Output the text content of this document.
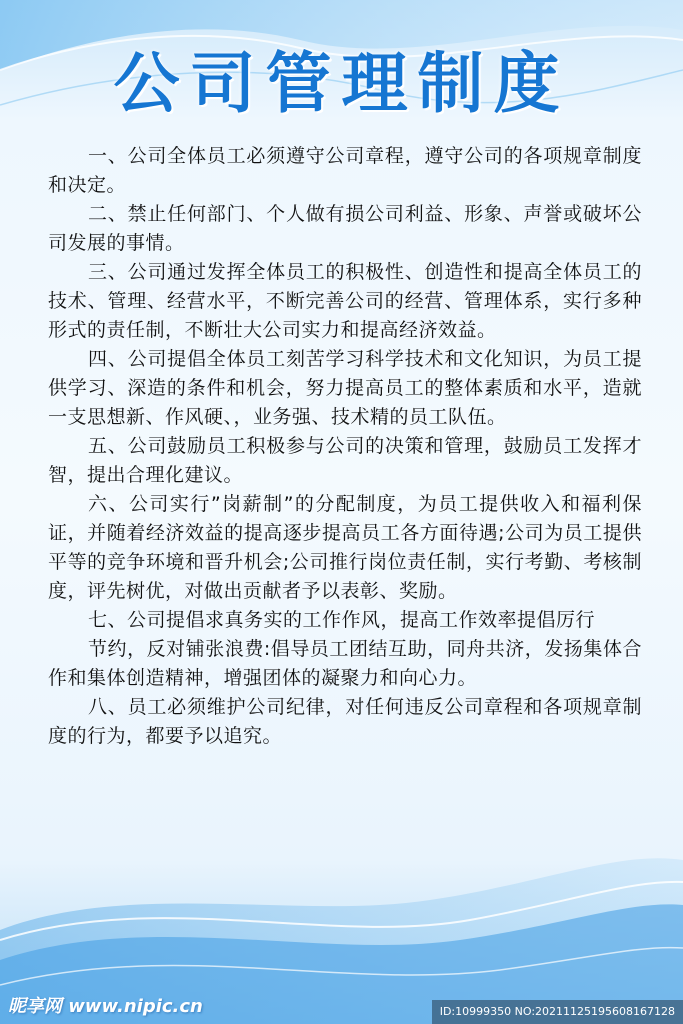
公司管理制度

一、公司全体员工必须遵守公司章程，遵守公司的各项规章制度和决定。

二、禁止任何部门、个人做有损公司利益、形象、声誉或破坏公司发展的事情。

三、公司通过发挥全体员工的积极性、创造性和提高全体员工的技术、管理、经营水平，不断完善公司的经营、管理体系，实行多种形式的责任制，不断壮大公司实力和提高经济效益。

四、公司提倡全体员工刻苦学习科学技术和文化知识，为员工提供学习、深造的条件和机会，努力提高员工的整体素质和水平，造就一支思想新、作风硬、，业务强、技术精的员工队伍。

五、公司鼓励员工积极参与公司的决策和管理，鼓励员工发挥才智，提出合理化建议。

六、公司实行”岗薪制”的分配制度，为员工提供收入和福利保证，并随着经济效益的提高逐步提高员工各方面待遇;公司为员工提供平等的竞争环境和晋升机会;公司推行岗位责任制，实行考勤、考核制度，评先树优，对做出贡献者予以表彰、奖励。

七、公司提倡求真务实的工作作风，提高工作效率提倡厉行

节约，反对铺张浪费:倡导员工团结互助，同舟共济，发扬集体合作和集体创造精神，增强团体的凝聚力和向心力。

八、员工必须维护公司纪律，对任何违反公司章程和各项规章制度的行为，都要予以追究。

昵享网 www.nipic.cn	ID:10999350 NO:20211125195608167128
